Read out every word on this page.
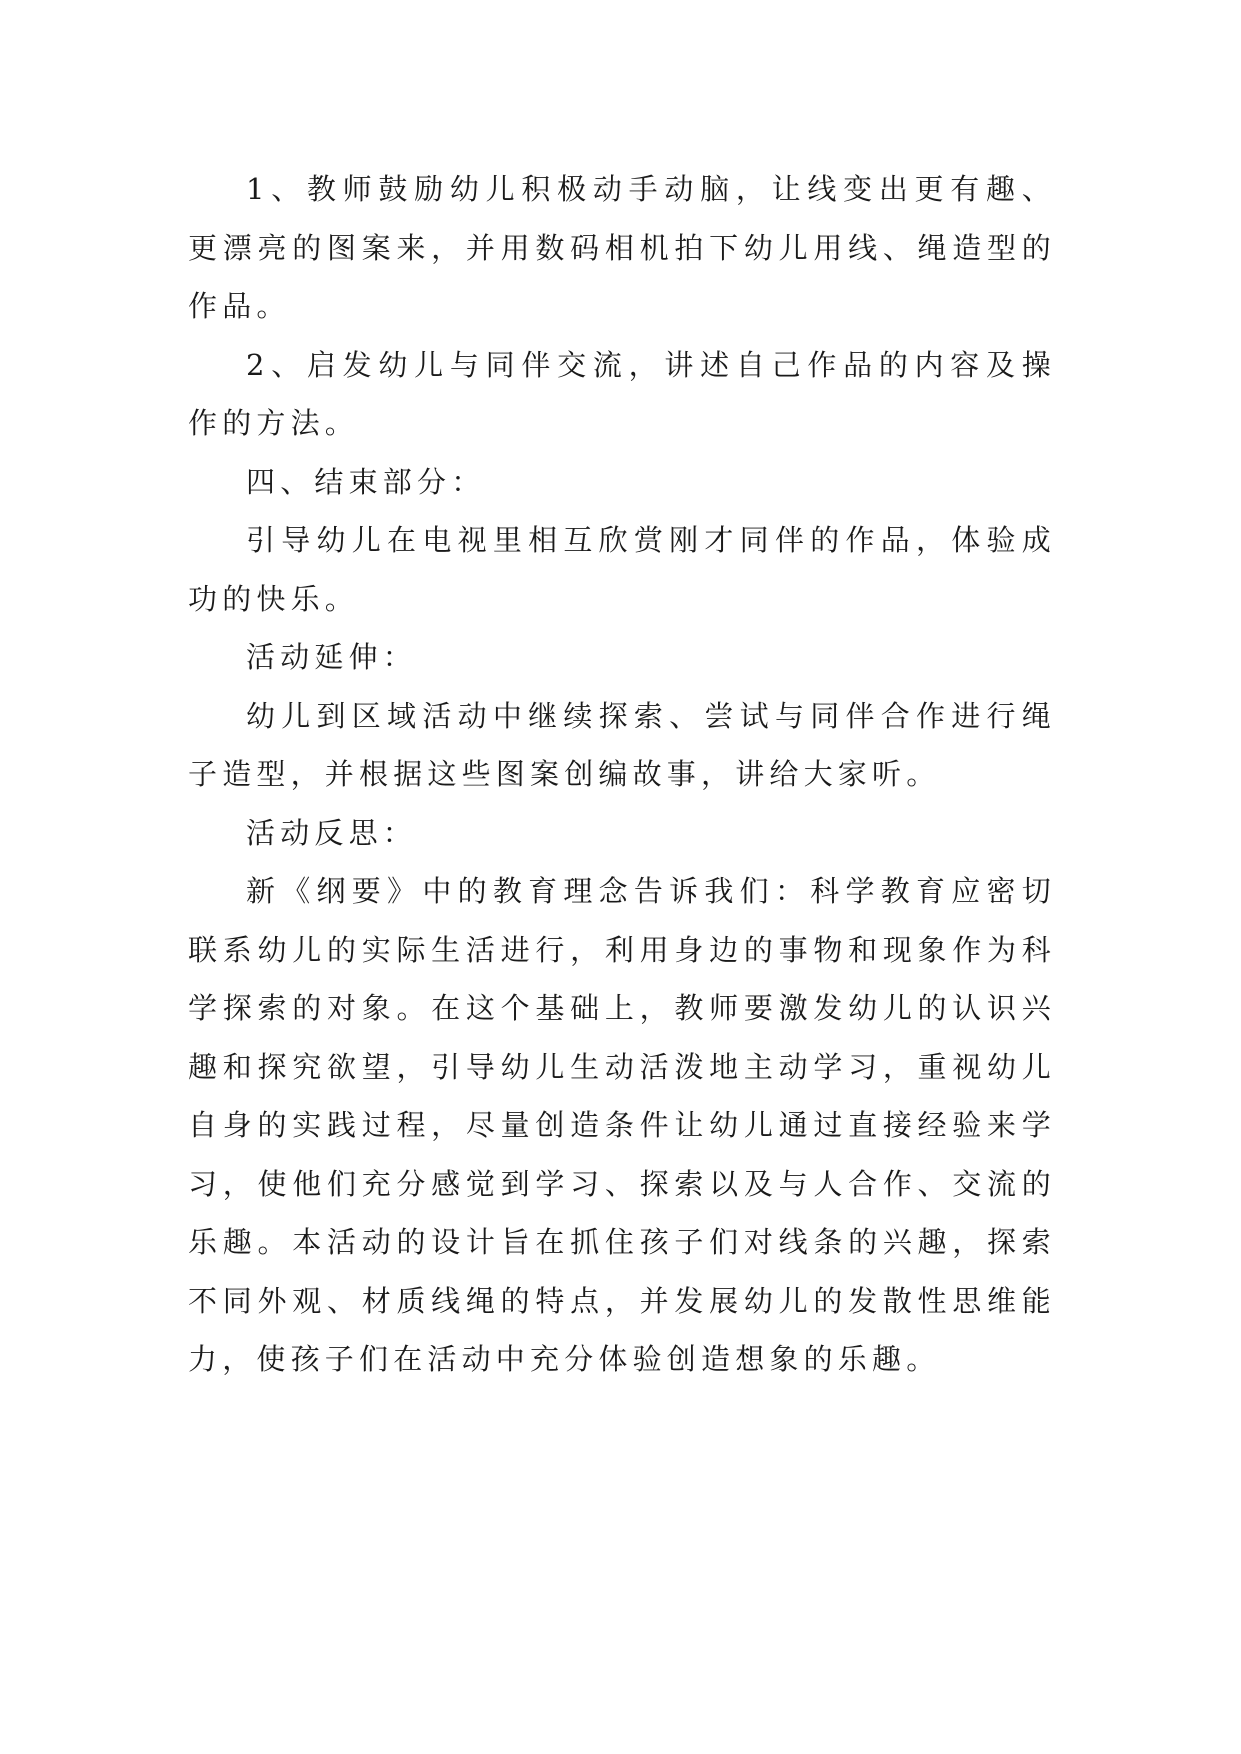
1、教师鼓励幼儿积极动手动脑，让线变出更有趣、更漂亮的图案来，并用数码相机拍下幼儿用线、绳造型的作品。

2、启发幼儿与同伴交流，讲述自己作品的内容及操作的方法。

四、结束部分：

引导幼儿在电视里相互欣赏刚才同伴的作品，体验成功的快乐。

活动延伸：

幼儿到区域活动中继续探索、尝试与同伴合作进行绳子造型，并根据这些图案创编故事，讲给大家听。

活动反思：

新《纲要》中的教育理念告诉我们：科学教育应密切联系幼儿的实际生活进行，利用身边的事物和现象作为科学探索的对象。在这个基础上，教师要激发幼儿的认识兴趣和探究欲望，引导幼儿生动活泼地主动学习，重视幼儿自身的实践过程，尽量创造条件让幼儿通过直接经验来学习，使他们充分感觉到学习、探索以及与人合作、交流的乐趣。本活动的设计旨在抓住孩子们对线条的兴趣，探索不同外观、材质线绳的特点，并发展幼儿的发散性思维能力，使孩子们在活动中充分体验创造想象的乐趣。
